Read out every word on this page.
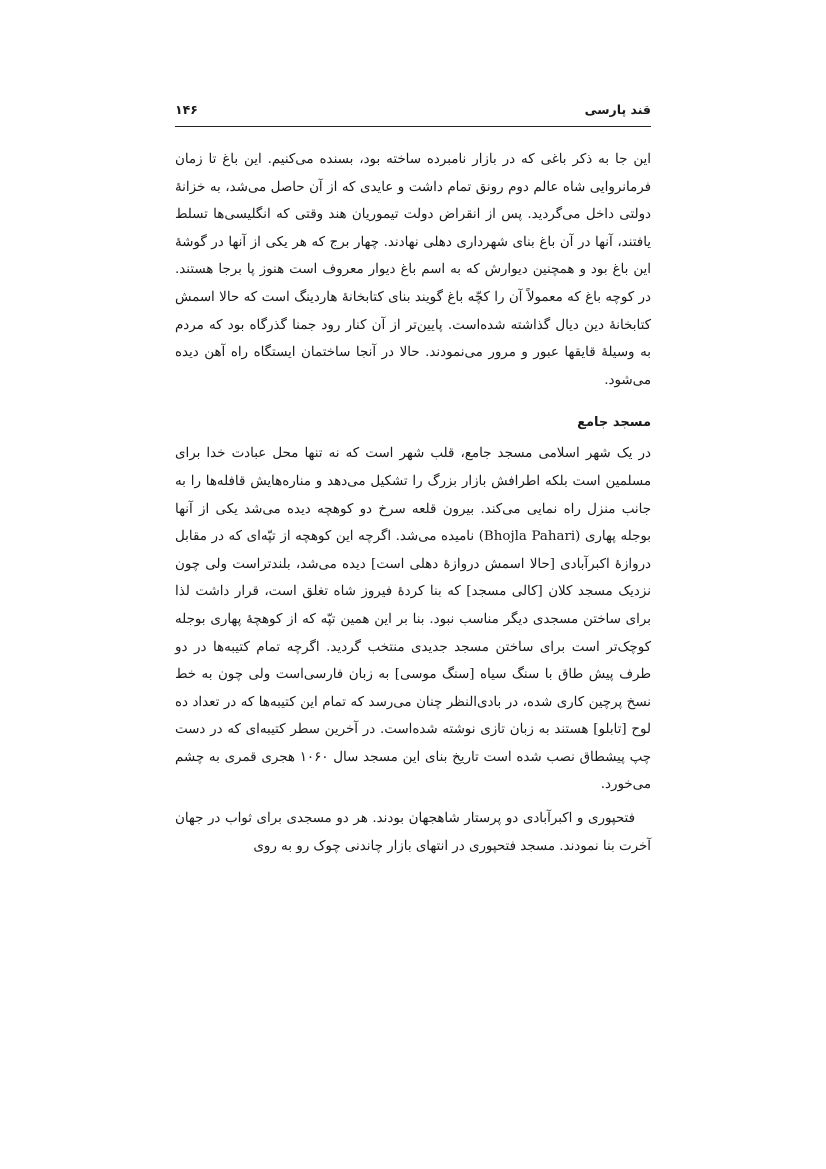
قند پارسی
۱۴۶

این جا به ذکر باغی که در بازار نامبرده ساخته بود، بسنده می‌کنیم. این باغ تا زمان فرمانروایی شاه عالم دوم رونق تمام داشت و عایدی که از آن حاصل می‌شد، به خزانهٔ دولتی داخل می‌گردید. پس از انقراض دولت تیموریان هند وقتی که انگلیسی‌ها تسلط یافتند، آنها در آن باغ بنای شهرداری دهلی نهادند. چهار برج که هر یکی از آنها در گوشهٔ این باغ بود و همچنین دیوارش که به اسم باغ دیوار معروف است هنوز پا برجا هستند. در کوچه باغ که معمولاً آن را کچّه باغ گویند بنای کتابخانهٔ هاردینگ است که حالا اسمش کتابخانهٔ دین دیال گذاشته شده‌است. پایین‌تر از آن کنار رود جمنا گذرگاه بود که مردم به وسیلهٔ قایقها عبور و مرور می‌نمودند. حالا در آنجا ساختمان ایستگاه راه آهن دیده می‌شود.

مسجد جامع

در یک شهر اسلامی مسجد جامع، قلب شهر است که نه تنها محل عبادت خدا برای مسلمین است بلکه اطرافش بازار بزرگ را تشکیل می‌دهد و مناره‌هایش قافله‌ها را به جانب منزل راه نمایی می‌کند. بیرون قلعه سرخ دو کوهچه دیده می‌شد یکی از آنها بوجله پهاری (Bhojla Pahari) نامیده می‌شد. اگرچه این کوهچه از تپّه‌ای که در مقابل دروازهٔ اکبرآبادی [حالا اسمش دروازهٔ دهلی است] دیده می‌شد، بلندتراست ولی چون نزدیک مسجد کلان [کالی مسجد] که بنا کردهٔ فیروز شاه تغلق است، قرار داشت لذا برای ساختن مسجدی دیگر مناسب نبود. بنا بر این همین تپّه که از کوهچهٔ پهاری بوجله کوچک‌تر است برای ساختن مسجد جدیدی منتخب گردید. اگرچه تمام کتیبه‌ها در دو طرف پیش طاق با سنگ سیاه [سنگ موسی] به زبان فارسی‌است ولی چون به خط نسخ پرچین کاری شده، در بادی‌النظر چنان می‌رسد که تمام این کتیبه‌ها که در تعداد ده لوح [تابلو] هستند به زبان تازی نوشته شده‌است. در آخرین سطر کتیبه‌ای که در دست چپ پیشطاق نصب شده است تاریخ بنای این مسجد سال ۱۰۶۰ هجری قمری به چشم می‌خورد.

فتحپوری و اکبرآبادی دو پرستار شاهجهان بودند. هر دو مسجدی برای ثواب در جهان آخرت بنا نمودند. مسجد فتحپوری در انتهای بازار چاندنی چوک رو به روی
